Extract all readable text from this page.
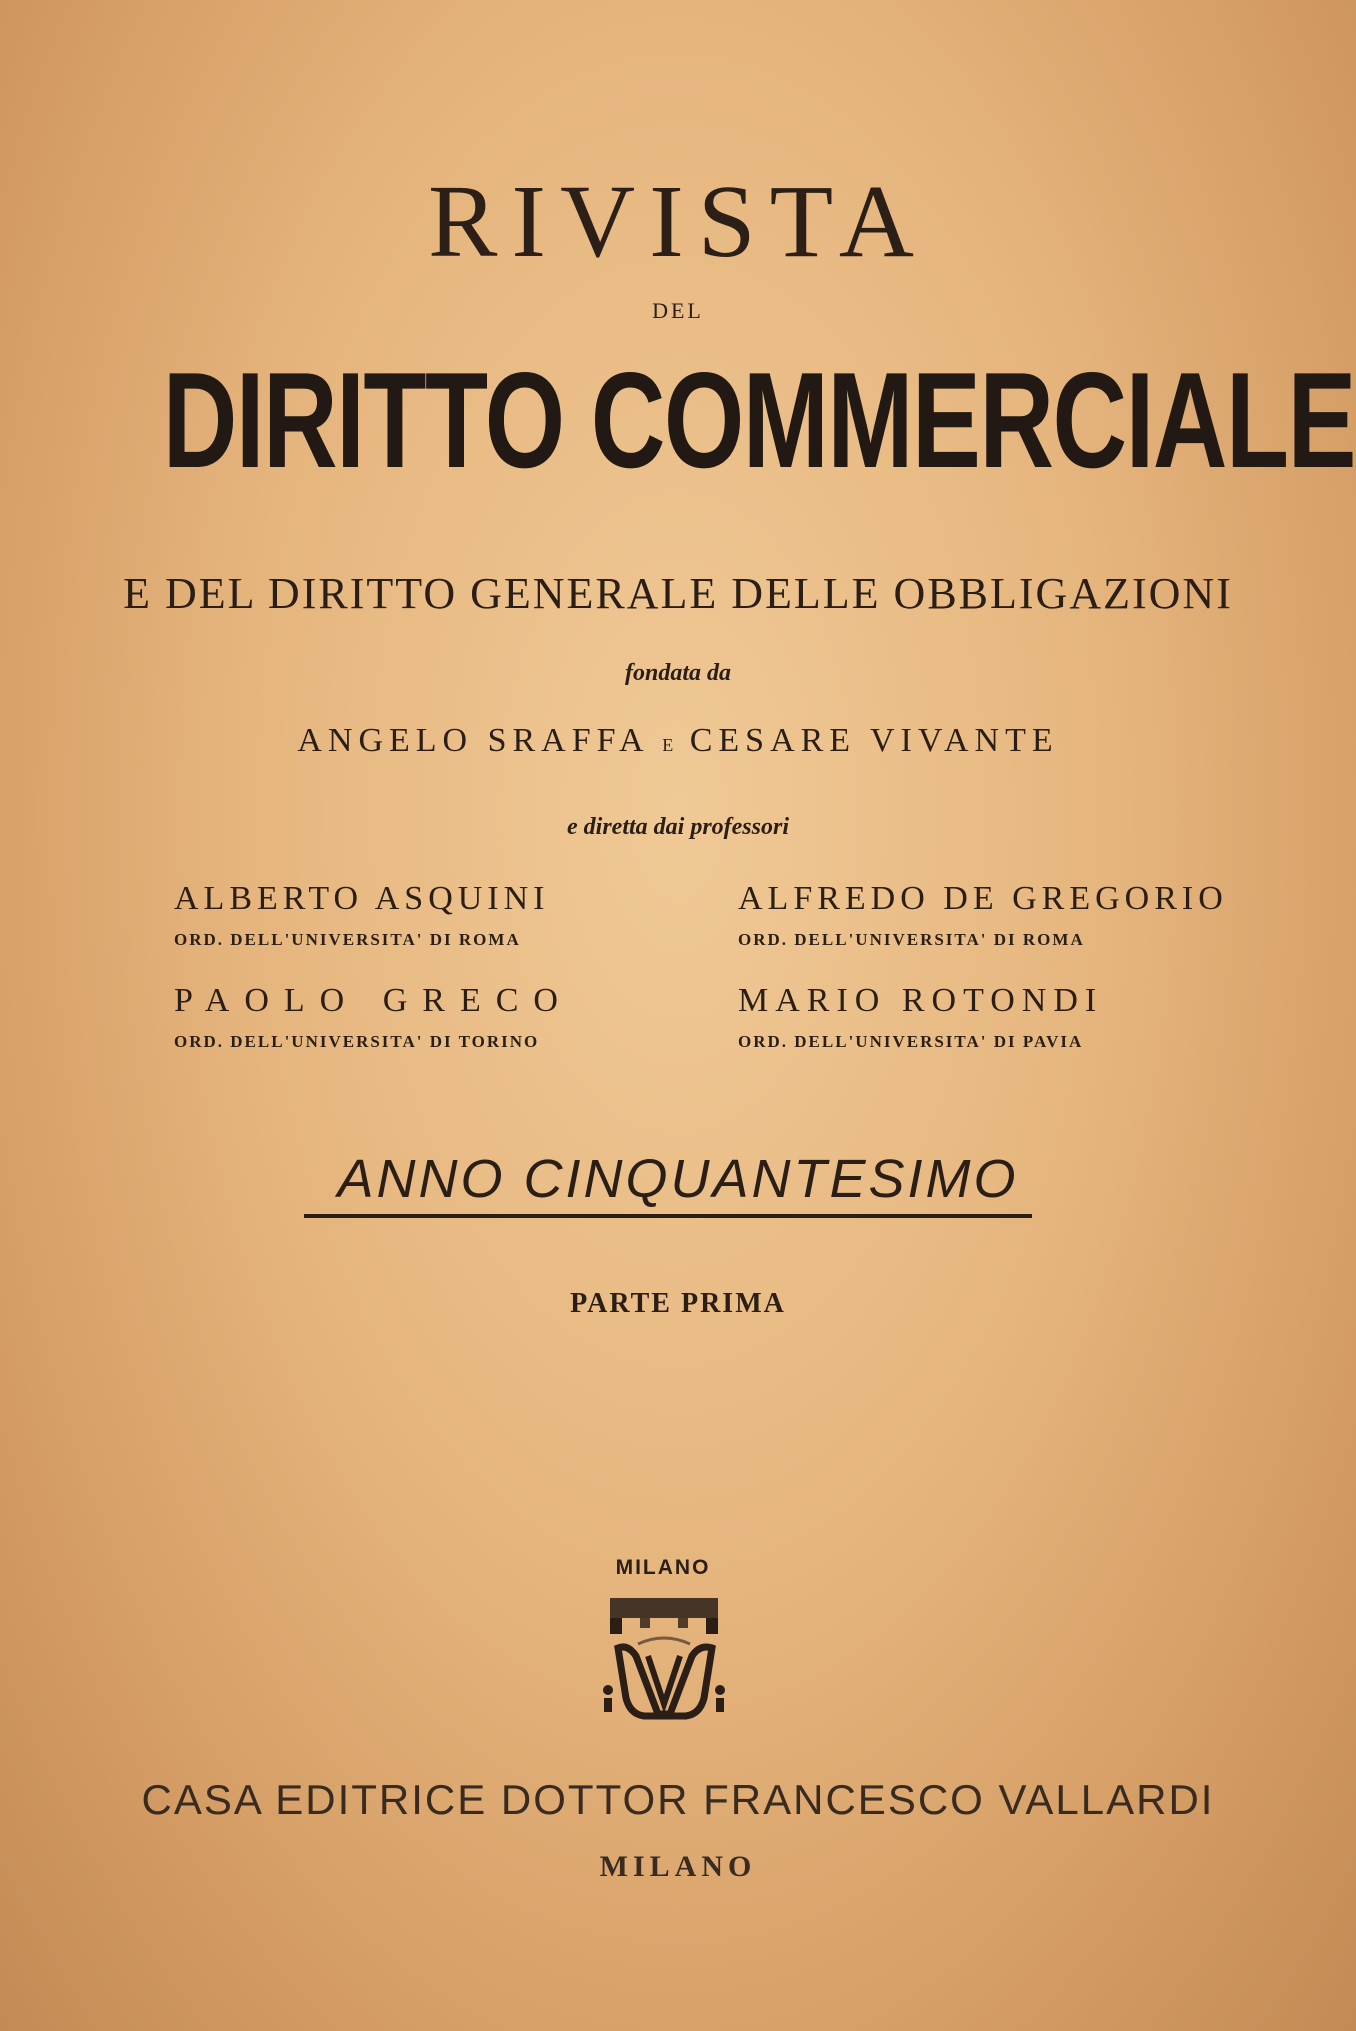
RIVISTA
DEL
DIRITTO COMMERCIALE
E DEL DIRITTO GENERALE DELLE OBBLIGAZIONI
fondata da
ANGELO SRAFFA E CESARE VIVANTE
e diretta dai professori
ALBERTO ASQUINI
ORD. DELL'UNIVERSITA' DI ROMA
ALFREDO DE GREGORIO
ORD. DELL'UNIVERSITA' DI ROMA
PAOLO GRECO
ORD. DELL'UNIVERSITA' DI TORINO
MARIO ROTONDI
ORD. DELL'UNIVERSITA' DI PAVIA
ANNO CINQUANTESIMO
PARTE PRIMA
MILANO
CASA EDITRICE DOTTOR FRANCESCO VALLARDI
MILANO
